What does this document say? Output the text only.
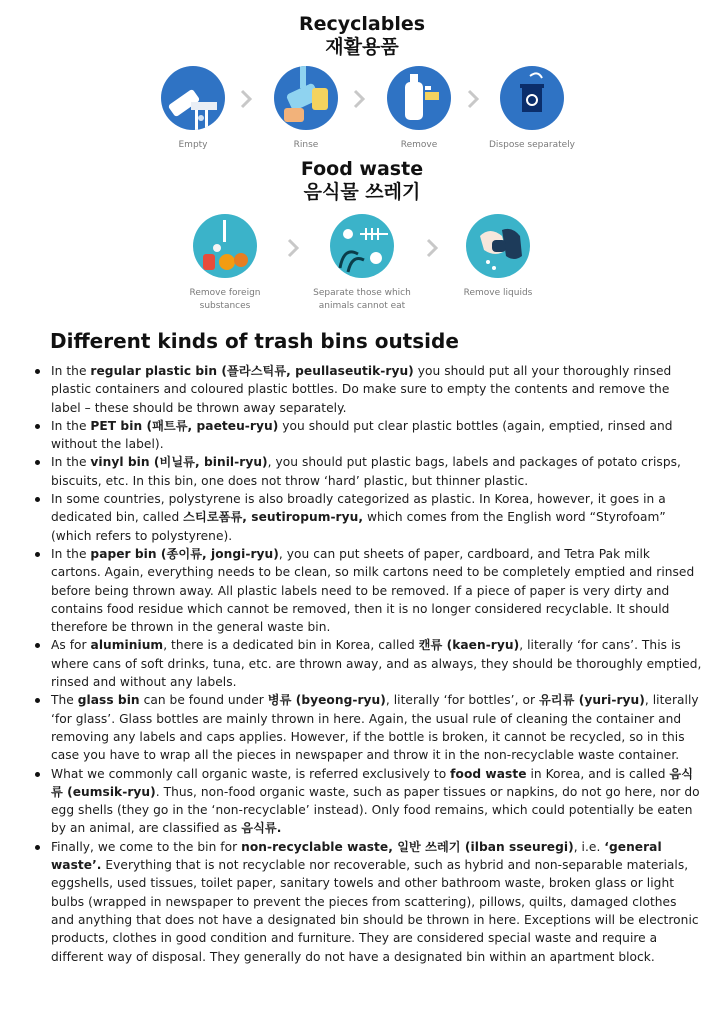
Recyclables
재활용품
Empty	Rinse	Remove	Dispose separately
Food waste
음식물 쓰레기
Remove foreign
substances
Separate those which
animals cannot eat
Remove liquids
Different kinds of trash bins outside
In the regular plastic bin (플라스틱류, peullaseutik-ryu) you should put all your thoroughly rinsed plastic containers and coloured plastic bottles. Do make sure to empty the contents and remove the label – these should be thrown away separately.
In the PET bin (패트류, paeteu-ryu) you should put clear plastic bottles (again, emptied, rinsed and without the label).
In the vinyl bin (비닐류, binil-ryu), you should put plastic bags, labels and packages of potato crisps, biscuits, etc. In this bin, one does not throw ‘hard’ plastic, but thinner plastic.
In some countries, polystyrene is also broadly categorized as plastic. In Korea, however, it goes in a dedicated bin, called 스티로폼류, seutiropum-ryu, which comes from the English word “Styrofoam” (which refers to polystyrene).
In the paper bin (종이류, jongi-ryu), you can put sheets of paper, cardboard, and Tetra Pak milk cartons. Again, everything needs to be clean, so milk cartons need to be completely emptied and rinsed before being thrown away. All plastic labels need to be removed. If a piece of paper is very dirty and contains food residue which cannot be removed, then it is no longer considered recyclable. It should therefore be thrown in the general waste bin.
As for aluminium, there is a dedicated bin in Korea, called 캔류 (kaen-ryu), literally ‘for cans’. This is where cans of soft drinks, tuna, etc. are thrown away, and as always, they should be thoroughly emptied, rinsed and without any labels.
The glass bin can be found under 병류 (byeong-ryu), literally ‘for bottles’, or 유리류 (yuri-ryu), literally ‘for glass’. Glass bottles are mainly thrown in here. Again, the usual rule of cleaning the container and removing any labels and caps applies. However, if the bottle is broken, it cannot be recycled, so in this case you have to wrap all the pieces in newspaper and throw it in the non-recyclable waste container.
What we commonly call organic waste, is referred exclusively to food waste in Korea, and is called 음식류 (eumsik-ryu). Thus, non-food organic waste, such as paper tissues or napkins, do not go here, nor do egg shells (they go in the ‘non-recyclable’ instead). Only food remains, which could potentially be eaten by an animal, are classified as 음식류.
Finally, we come to the bin for non-recyclable waste, 일반 쓰레기 (ilban sseuregi), i.e. ‘general waste’. Everything that is not recyclable nor recoverable, such as hybrid and non-separable materials, eggshells, used tissues, toilet paper, sanitary towels and other bathroom waste, broken glass or light bulbs (wrapped in newspaper to prevent the pieces from scattering), pillows, quilts, damaged clothes and anything that does not have a designated bin should be thrown in here. Exceptions will be electronic products, clothes in good condition and furniture. They are considered special waste and require a different way of disposal. They generally do not have a designated bin within an apartment block.
